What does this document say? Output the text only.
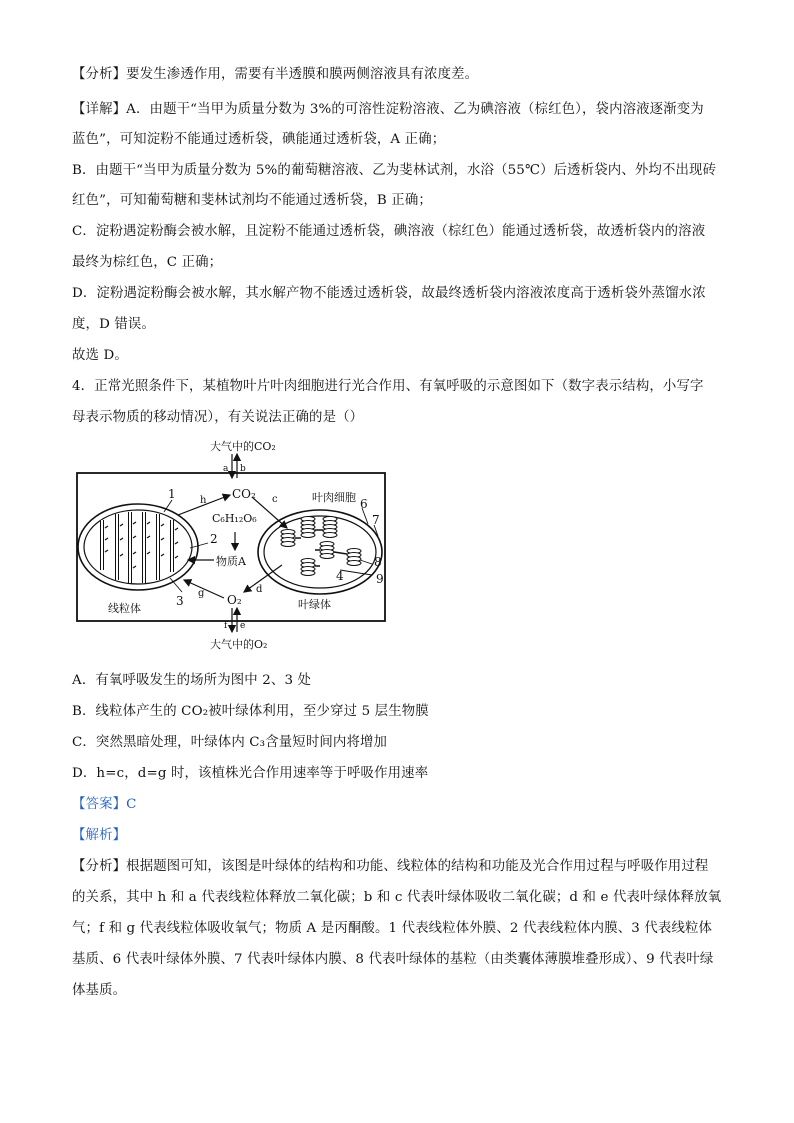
【分析】要发生渗透作用，需要有半透膜和膜两侧溶液具有浓度差。
【详解】A．由题干“当甲为质量分数为 3%的可溶性淀粉溶液、乙为碘溶液（棕红色），袋内溶液逐渐变为
蓝色”，可知淀粉不能通过透析袋，碘能通过透析袋，A 正确；
B．由题干“当甲为质量分数为 5%的葡萄糖溶液、乙为斐林试剂，水浴（55℃）后透析袋内、外均不出现砖
红色”，可知葡萄糖和斐林试剂均不能通过透析袋，B 正确；
C．淀粉遇淀粉酶会被水解，且淀粉不能通过透析袋，碘溶液（棕红色）能通过透析袋，故透析袋内的溶液
最终为棕红色，C 正确；
D．淀粉遇淀粉酶会被水解，其水解产物不能透过透析袋，故最终透析袋内溶液浓度高于透析袋外蒸馏水浓
度，D 错误。
故选 D。
4．正常光照条件下，某植物叶片叶肉细胞进行光合作用、有氧呼吸的示意图如下（数字表示结构，小写字
母表示物质的移动情况），有关说法正确的是（）
大气中的CO₂
a b
CO₂
h	c
C₆H₁₂O₆
物质A
1
2
3
g	d
O₂
f e
大气中的O₂
线粒体	叶绿体
叶肉细胞 6
7
8
4	9
A．有氧呼吸发生的场所为图中 2、3 处
B．线粒体产生的 CO₂被叶绿体利用，至少穿过 5 层生物膜
C．突然黑暗处理，叶绿体内 C₃含量短时间内将增加
D．h=c，d=g 时，该植株光合作用速率等于呼吸作用速率
【答案】C
【解析】
【分析】根据题图可知，该图是叶绿体的结构和功能、线粒体的结构和功能及光合作用过程与呼吸作用过程
的关系，其中 h 和 a 代表线粒体释放二氧化碳；b 和 c 代表叶绿体吸收二氧化碳；d 和 e 代表叶绿体释放氧
气；f 和 g 代表线粒体吸收氧气；物质 A 是丙酮酸。1 代表线粒体外膜、2 代表线粒体内膜、3 代表线粒体
基质、6 代表叶绿体外膜、7 代表叶绿体内膜、8 代表叶绿体的基粒（由类囊体薄膜堆叠形成）、9 代表叶绿
体基质。
